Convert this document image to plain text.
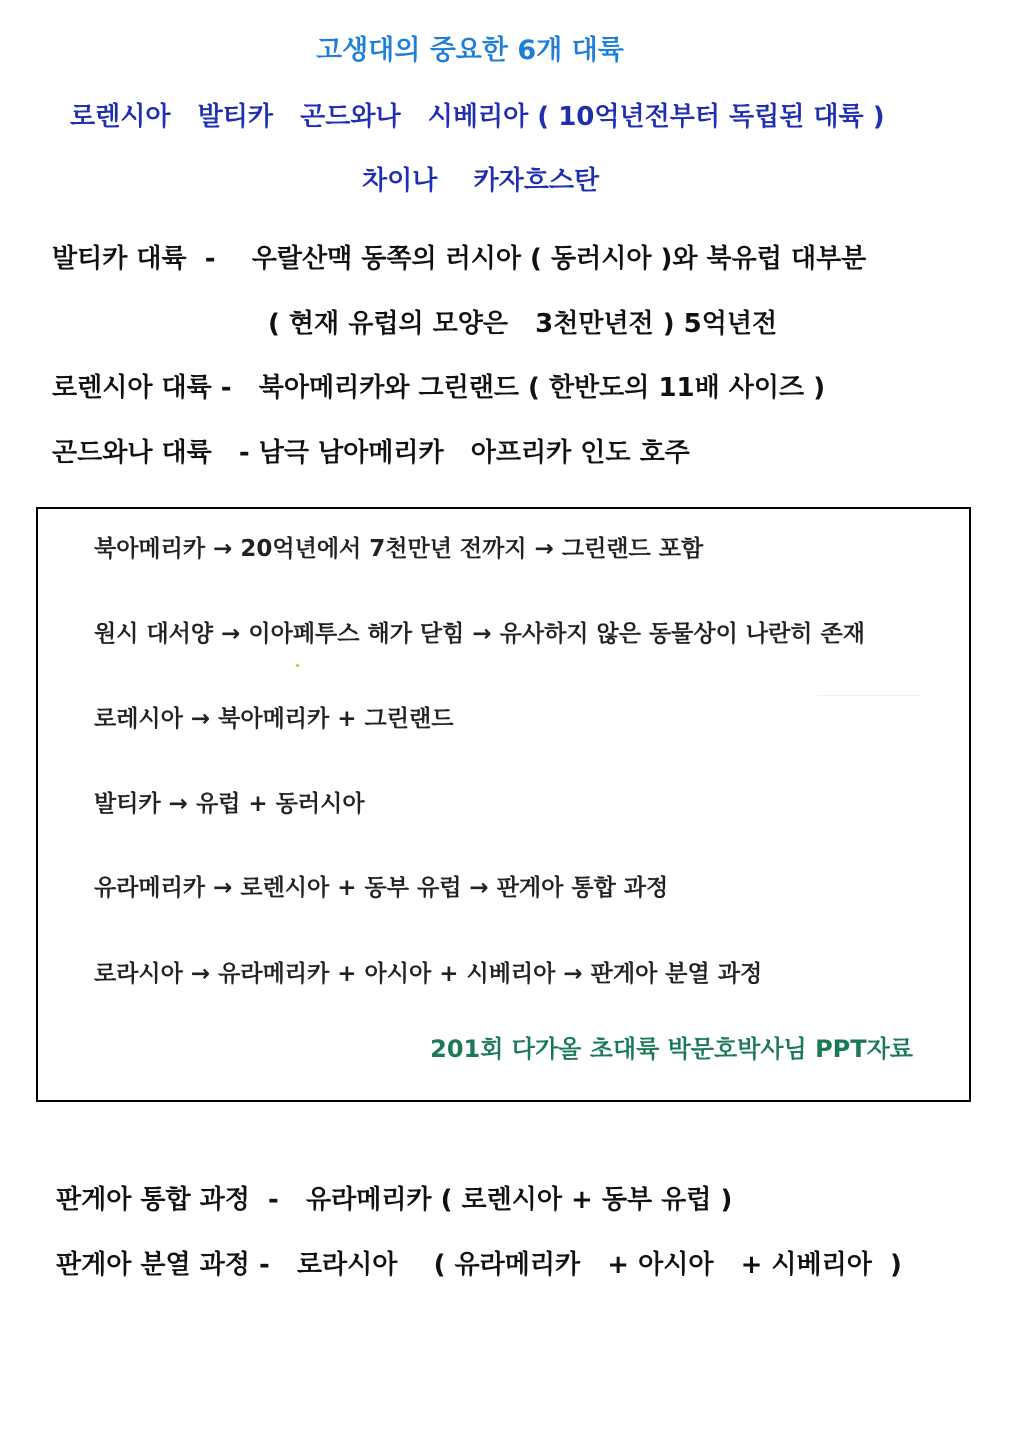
고생대의 중요한 6개 대륙
로렌시아   발티카   곤드와나   시베리아 ( 10억년전부터 독립된 대륙 )
차이나    카자흐스탄
발티카 대륙  -    우랄산맥 동쪽의 러시아 ( 동러시아 )와 북유럽 대부분
( 현재 유럽의 모양은   3천만년전 ) 5억년전
로렌시아 대륙 -   북아메리카와 그린랜드 ( 한반도의 11배 사이즈 )
곤드와나 대륙   - 남극 남아메리카   아프리카 인도 호주
북아메리카 → 20억년에서 7천만년 전까지 → 그린랜드 포함
원시 대서양 → 이아페투스 해가 닫힘 → 유사하지 않은 동물상이 나란히 존재
로레시아 → 북아메리카 + 그린랜드
발티카 → 유럽 + 동러시아
유라메리카 → 로렌시아 + 동부 유럽 → 판게아 통합 과정
로라시아 → 유라메리카 + 아시아 + 시베리아 → 판게아 분열 과정
201회 다가올 초대륙 박문호박사님 PPT자료
판게아 통합 과정  -   유라메리카 ( 로렌시아 + 동부 유럽 )
판게아 분열 과정 -   로라시아    ( 유라메리카   + 아시아   + 시베리아  )
